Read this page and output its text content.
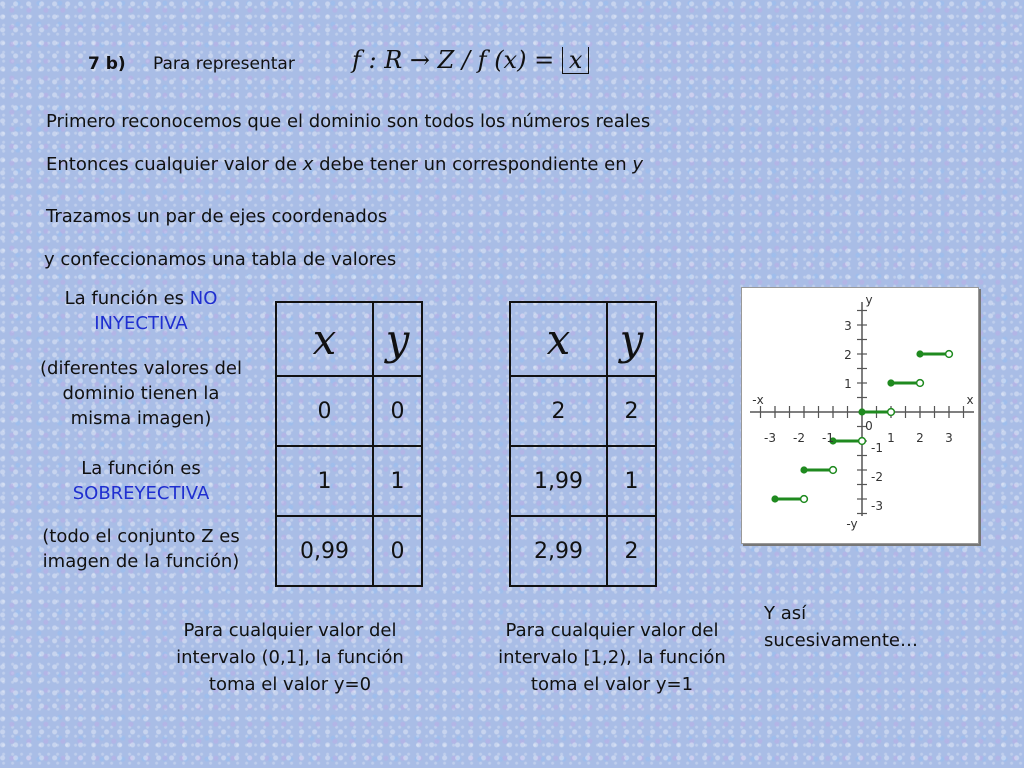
7 b) Para representar f : R → Z / f (x) = x
Primero reconocemos que el dominio son todos los números reales
Entonces cualquier valor de x debe tener un correspondiente en y
Trazamos un par de ejes coordenados
y confeccionamos una tabla de valores
La función es NO
INYECTIVA
(diferentes valores del dominio tienen la misma imagen)
La función es
SOBREYECTIVA
(todo el conjunto Z es imagen de la función)
x	y
0	0
1	1
0,99	0
x	y
2	2
1,99	1
2,99	2
Para cualquier valor del intervalo (0,1], la función toma el valor y=0
Para cualquier valor del intervalo [1,2), la función toma el valor y=1
Y así sucesivamente…
y
-y
x
-x
0
-3 -2 -1	1 2 3
3
2
1
-1
-2
-3
